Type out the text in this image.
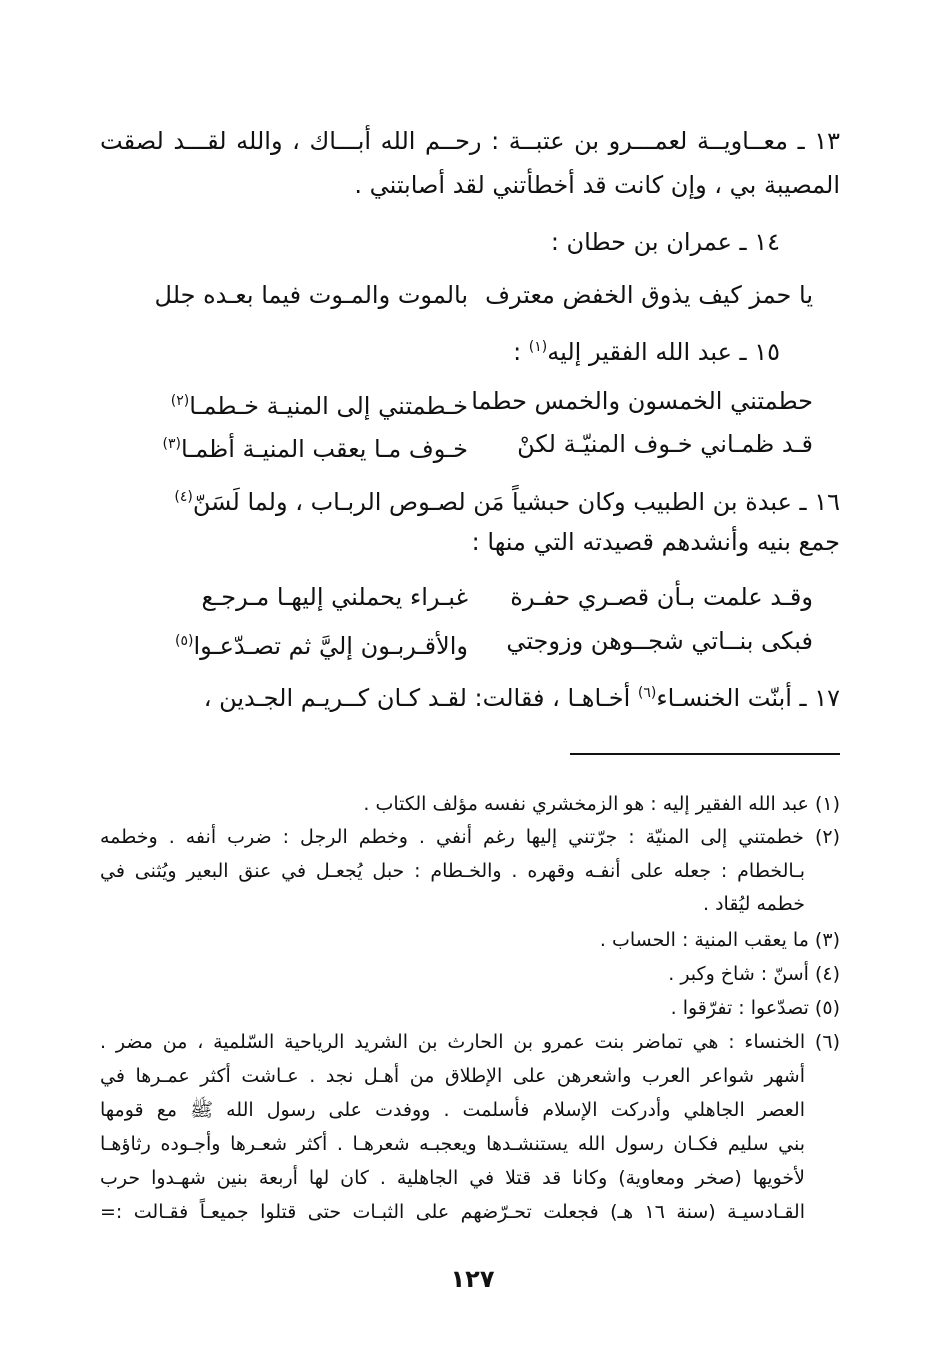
١٣ ـ معــاويــة لعمـــرو بن عتبــة : رحــم الله أبـــاك ، والله لقـــد لصقت
المصيبة بي ، وإن كانت قد أخطأتني لقد أصابتني .
١٤ ـ عمران بن حطان :
يا حمز كيف يذوق الخفض معترف
بالموت والمـوت فيما بعـده جلل
١٥ ـ عبد الله الفقير إليه$^{(١)}$ :
حطمتني الخمسون والخمس حطما
خـطمتني إلى المنيـة خـطمـا$^{(٢)}$
قـد ظمـاني خـوف المنيّـة لكنْ
خـوف مـا يعقب المنيـة أظمـا$^{(٣)}$
١٦ ـ عبدة بن الطبيب وكان حبشياً مَن لصـوص الربـاب ، ولما لَسَنّ$^{(٤)}$
جمع بنيه وأنشدهم قصيدته التي منها :
وقـد علمت بـأن قصـري حفـرة
غبـراء يحملني إليهـا مـرجـع
فبكى بنــاتي شجــوهن وزوجتي
والأقـربـون إليَّ ثم تصـدّعـوا$^{(٥)}$
١٧ ـ أبنّت الخنسـاء$^{(٦)}$ أخـاهـا ، فقالت: لقـد كـان كــريـم الجـدين ،
(١) عبد الله الفقير إليه : هو الزمخشري نفسه مؤلف الكتاب .
(٢) خطمتني إلى المنيّة : جرّتني إليها رغم أنفي . وخطم الرجل : ضرب أنفه . وخطمه
بـالخطام : جعله على أنفـه وقهره . والخـطام : حبل يُجعـل في عنق البعير ويُثنى في
خطمه ليُقاد .
(٣) ما يعقب المنية : الحساب .
(٤) أسنّ : شاخ وكبر .
(٥) تصدّعوا : تفرّقوا .
(٦) الخنساء : هي تماضر بنت عمرو بن الحارث بن الشريد الرياحية السّلمية ، من مضر .
أشهر شواعر العرب واشعرهن على الإطلاق من أهـل نجد . عـاشت أكثر عمـرها في
العصر الجاهلي وأدركت الإسلام فأسلمت . ووفدت على رسول الله ﷺ مع قومها
بني سليم فكـان رسول الله يستنشـدها ويعجبـه شعرهـا . أكثر شعـرها وأجـوده رثاؤهـا
لأخويها (صخر ومعاوية) وكانا قد قتلا في الجاهلية . كان لها أربعة بنين شهـدوا حرب
القـادسيـة (سنة ١٦ هـ) فجعلت تحـرّضهم على الثبـات حتى قتلوا جميعـاً فقـالت :=
١٢٧
